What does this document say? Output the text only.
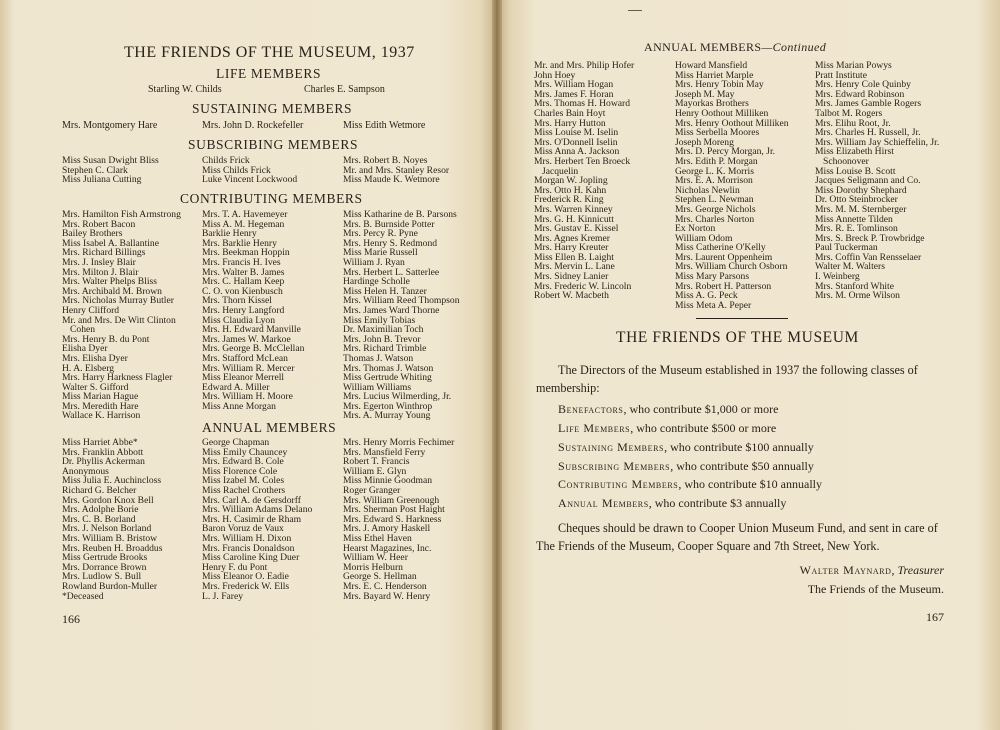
THE FRIENDS OF THE MUSEUM, 1937
LIFE MEMBERS
Starling W. Childs	Charles E. Sampson
SUSTAINING MEMBERS
Mrs. Montgomery Hare	Mrs. John D. Rockefeller	Miss Edith Wetmore
SUBSCRIBING MEMBERS
Miss Susan Dwight Bliss
Stephen C. Clark
Miss Juliana Cutting
Childs Frick
Miss Childs Frick
Luke Vincent Lockwood
Mrs. Robert B. Noyes
Mr. and Mrs. Stanley Resor
Miss Maude K. Wetmore
CONTRIBUTING MEMBERS
Mrs. Hamilton Fish Armstrong
Mrs. Robert Bacon
Bailey Brothers
Miss Isabel A. Ballantine
Mrs. Richard Billings
Mrs. J. Insley Blair
Mrs. Milton J. Blair
Mrs. Walter Phelps Bliss
Mrs. Archibald M. Brown
Mrs. Nicholas Murray Butler
Henry Clifford
Mr. and Mrs. De Witt Clinton
Cohen
Mrs. Henry B. du Pont
Elisha Dyer
Mrs. Elisha Dyer
H. A. Elsberg
Mrs. Harry Harkness Flagler
Walter S. Gifford
Miss Marian Hague
Mrs. Meredith Hare
Wallace K. Harrison
Mrs. T. A. Havemeyer
Miss A. M. Hegeman
Barklie Henry
Mrs. Barklie Henry
Mrs. Beekman Hoppin
Mrs. Francis H. Ives
Mrs. Walter B. James
Mrs. C. Hallam Keep
C. O. von Kienbusch
Mrs. Thorn Kissel
Mrs. Henry Langford
Miss Claudia Lyon
Mrs. H. Edward Manville
Mrs. James W. Markoe
Mrs. George B. McClellan
Mrs. Stafford McLean
Mrs. William R. Mercer
Miss Eleanor Merrell
Edward A. Miller
Mrs. William H. Moore
Miss Anne Morgan
Miss Katharine de B. Parsons
Mrs. B. Burnside Potter
Mrs. Percy R. Pyne
Mrs. Henry S. Redmond
Miss Marie Russell
William J. Ryan
Mrs. Herbert L. Satterlee
Hardinge Scholle
Miss Helen H. Tanzer
Mrs. William Reed Thompson
Mrs. James Ward Thorne
Miss Emily Tobias
Dr. Maximilian Toch
Mrs. John B. Trevor
Mrs. Richard Trimble
Thomas J. Watson
Mrs. Thomas J. Watson
Miss Gertrude Whiting
William Williams
Mrs. Lucius Wilmerding, Jr.
Mrs. Egerton Winthrop
Mrs. A. Murray Young
ANNUAL MEMBERS
Miss Harriet Abbe*
Mrs. Franklin Abbott
Dr. Phyllis Ackerman
Anonymous
Miss Julia E. Auchincloss
Richard G. Belcher
Mrs. Gordon Knox Bell
Mrs. Adolphe Borie
Mrs. C. B. Borland
Mrs. J. Nelson Borland
Mrs. William B. Bristow
Mrs. Reuben H. Broaddus
Miss Gertrude Brooks
Mrs. Dorrance Brown
Mrs. Ludlow S. Bull
Rowland Burdon-Muller
*Deceased
George Chapman
Miss Emily Chauncey
Mrs. Edward B. Cole
Miss Florence Cole
Miss Izabel M. Coles
Miss Rachel Crothers
Mrs. Carl A. de Gersdorff
Mrs. William Adams Delano
Mrs. H. Casimir de Rham
Baron Voruz de Vaux
Mrs. William H. Dixon
Mrs. Francis Donaldson
Miss Caroline King Duer
Henry F. du Pont
Miss Eleanor O. Eadie
Mrs. Frederick W. Ells
L. J. Farey
Mrs. Henry Morris Fechimer
Mrs. Mansfield Ferry
Robert T. Francis
William E. Glyn
Miss Minnie Goodman
Roger Granger
Mrs. William Greenough
Mrs. Sherman Post Haight
Mrs. Edward S. Harkness
Mrs. J. Amory Haskell
Miss Ethel Haven
Hearst Magazines, Inc.
William W. Heer
Morris Helburn
George S. Hellman
Mrs. E. C. Henderson
Mrs. Bayard W. Henry
166
ANNUAL MEMBERS—Continued
Mr. and Mrs. Philip Hofer
John Hoey
Mrs. William Hogan
Mrs. James F. Horan
Mrs. Thomas H. Howard
Charles Bain Hoyt
Mrs. Harry Hutton
Miss Louise M. Iselin
Mrs. O'Donnell Iselin
Miss Anna A. Jackson
Mrs. Herbert Ten Broeck
Jacquelin
Morgan W. Jopling
Mrs. Otto H. Kahn
Frederick R. King
Mrs. Warren Kinney
Mrs. G. H. Kinnicutt
Mrs. Gustav E. Kissel
Mrs. Agnes Kremer
Mrs. Harry Kreuter
Miss Ellen B. Laight
Mrs. Mervin L. Lane
Mrs. Sidney Lanier
Mrs. Frederic W. Lincoln
Robert W. Macbeth
Howard Mansfield
Miss Harriet Marple
Mrs. Henry Tobin May
Joseph M. May
Mayorkas Brothers
Henry Oothout Milliken
Mrs. Henry Oothout Milliken
Miss Serbella Moores
Joseph Moreng
Mrs. D. Percy Morgan, Jr.
Mrs. Edith P. Morgan
George L. K. Morris
Mrs. E. A. Morrison
Nicholas Newlin
Stephen L. Newman
Mrs. George Nichols
Mrs. Charles Norton
Ex Norton
William Odom
Miss Catherine O'Kelly
Mrs. Laurent Oppenheim
Mrs. William Church Osborn
Miss Mary Parsons
Mrs. Robert H. Patterson
Miss A. G. Peck
Miss Meta A. Peper
Miss Marian Powys
Pratt Institute
Mrs. Henry Cole Quinby
Mrs. Edward Robinson
Mrs. James Gamble Rogers
Talbot M. Rogers
Mrs. Elihu Root, Jr.
Mrs. Charles H. Russell, Jr.
Mrs. William Jay Schieffelin, Jr.
Miss Elizabeth Hirst
Schoonover
Miss Louise B. Scott
Jacques Seligmann and Co.
Miss Dorothy Shephard
Dr. Otto Steinbrocker
Mrs. M. M. Sternberger
Miss Annette Tilden
Mrs. R. E. Tomlinson
Mrs. S. Breck P. Trowbridge
Paul Tuckerman
Mrs. Coffin Van Rensselaer
Walter M. Walters
I. Weinberg
Mrs. Stanford White
Mrs. M. Orme Wilson
THE FRIENDS OF THE MUSEUM
The Directors of the Museum established in 1937 the following classes of membership:
Benefactors, who contribute $1,000 or more
Life Members, who contribute $500 or more
Sustaining Members, who contribute $100 annually
Subscribing Members, who contribute $50 annually
Contributing Members, who contribute $10 annually
Annual Members, who contribute $3 annually
Cheques should be drawn to Cooper Union Museum Fund, and sent in care of The Friends of the Museum, Cooper Square and 7th Street, New York.
Walter Maynard, Treasurer
The Friends of the Museum.
167
